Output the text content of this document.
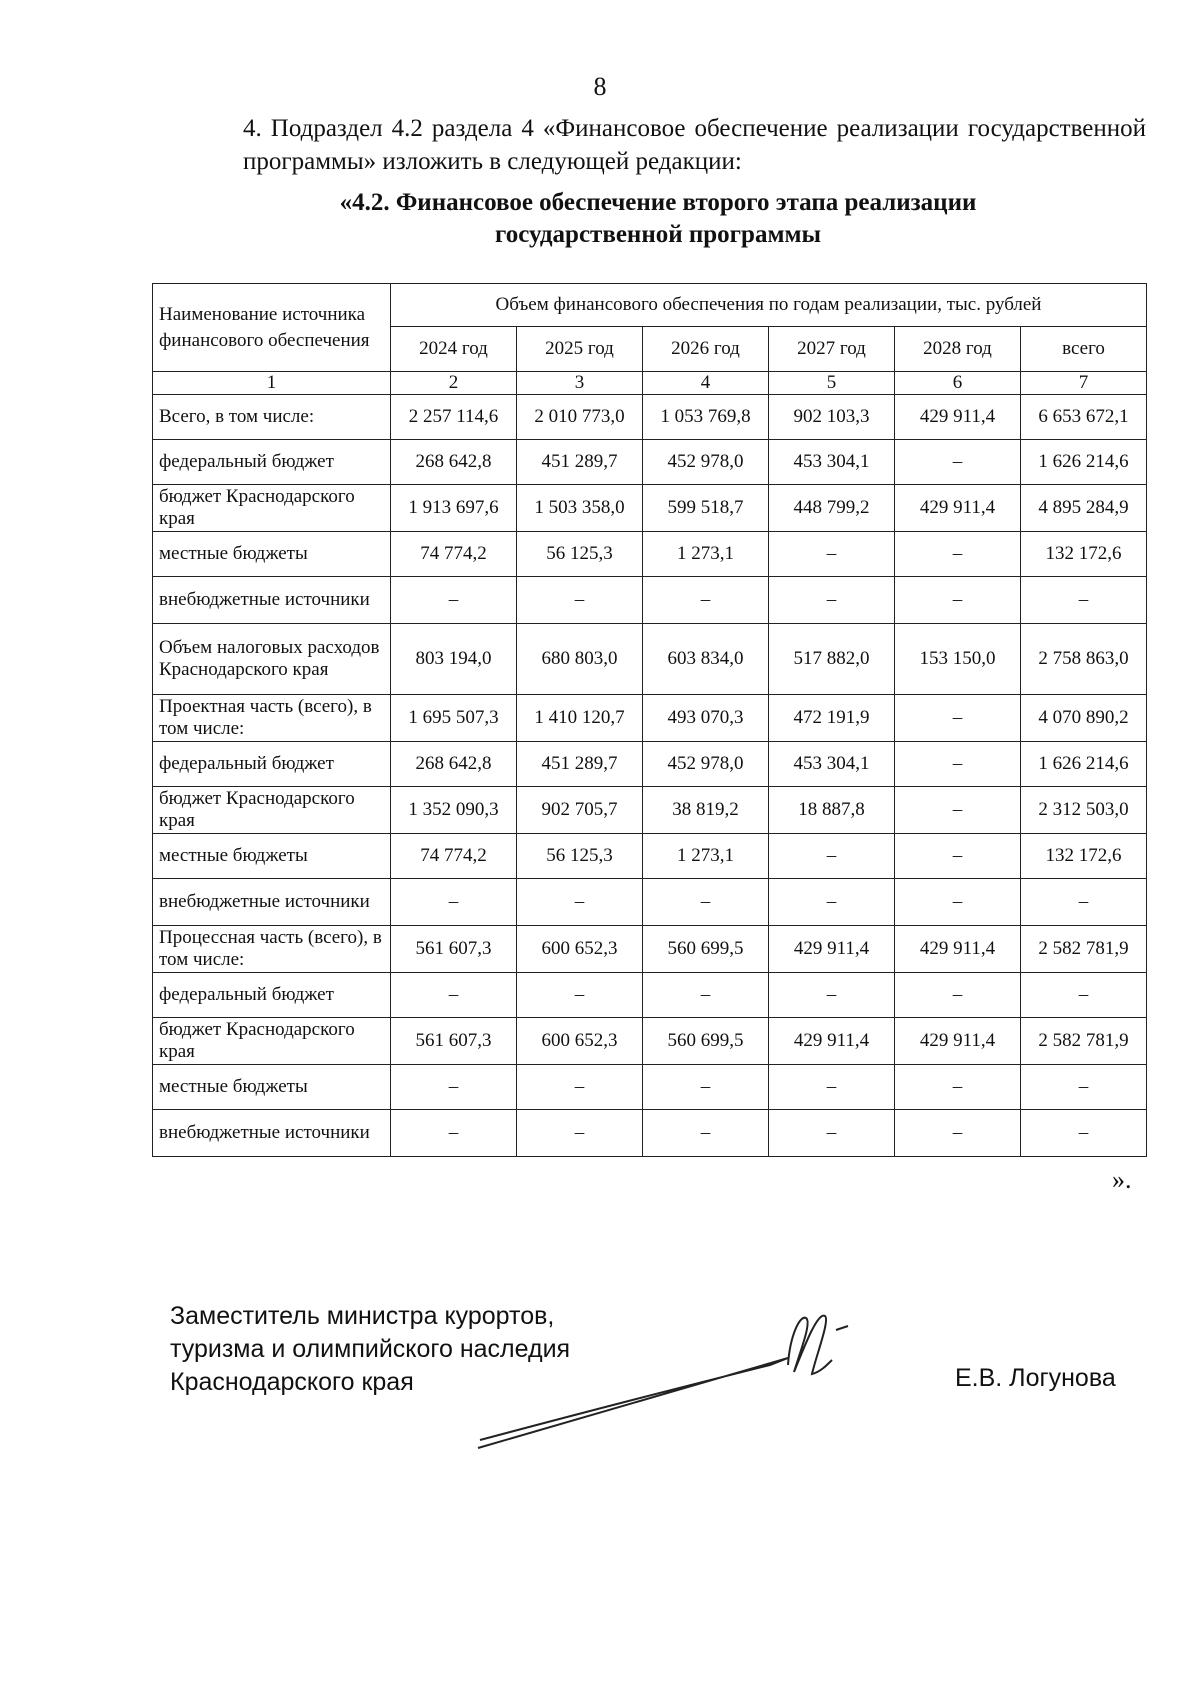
8
4. Подраздел 4.2 раздела 4 «Финансовое обеспечение реализации государственной программы» изложить в следующей редакции:
«4.2. Финансовое обеспечение второго этапа реализации
государственной программы
Наименование источника финансового обеспечения	Объем финансового обеспечения по годам реализации, тыс. рублей					
	2024 год	2025 год	2026 год	2027 год	2028 год	всего
1	2	3	4	5	6	7
Всего, в том числе:	2 257 114,6	2 010 773,0	1 053 769,8	902 103,3	429 911,4	6 653 672,1
федеральный бюджет	268 642,8	451 289,7	452 978,0	453 304,1	–	1 626 214,6
бюджет Краснодарского края	1 913 697,6	1 503 358,0	599 518,7	448 799,2	429 911,4	4 895 284,9
местные бюджеты	74 774,2	56 125,3	1 273,1	–	–	132 172,6
внебюджетные источники	–	–	–	–	–	–
Объем налоговых расходов Краснодарского края	803 194,0	680 803,0	603 834,0	517 882,0	153 150,0	2 758 863,0
Проектная часть (всего), в том числе:	1 695 507,3	1 410 120,7	493 070,3	472 191,9	–	4 070 890,2
федеральный бюджет	268 642,8	451 289,7	452 978,0	453 304,1	–	1 626 214,6
бюджет Краснодарского края	1 352 090,3	902 705,7	38 819,2	18 887,8	–	2 312 503,0
местные бюджеты	74 774,2	56 125,3	1 273,1	–	–	132 172,6
внебюджетные источники	–	–	–	–	–	–
Процессная часть (всего), в том числе:	561 607,3	600 652,3	560 699,5	429 911,4	429 911,4	2 582 781,9
федеральный бюджет	–	–	–	–	–	–
бюджет Краснодарского края	561 607,3	600 652,3	560 699,5	429 911,4	429 911,4	2 582 781,9
местные бюджеты	–	–	–	–	–	–
внебюджетные источники	–	–	–	–	–	–
».
Заместитель министра курортов,
туризма и олимпийского наследия
Краснодарского края	Е.В. Логунова
